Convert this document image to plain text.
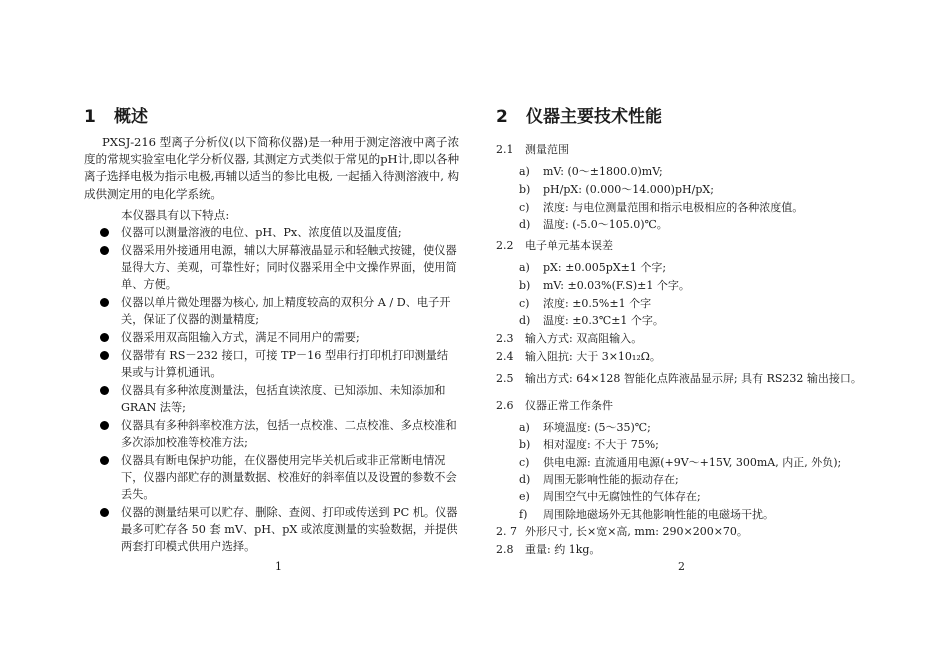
1 概述
PXSJ-216 型离子分析仪(以下简称仪器)是一种用于测定溶液中离子浓度的常规实验室电化学分析仪器, 其测定方式类似于常见的pH计,即以各种离子选择电极为指示电极,再辅以适当的参比电极, 一起插入待测溶液中, 构成供测定用的电化学系统。
本仪器具有以下特点:
仪器可以测量溶液的电位、pH、Px、浓度值以及温度值;
仪器采用外接通用电源，辅以大屏幕液晶显示和轻触式按键，使仪器显得大方、美观，可靠性好；同时仪器采用全中文操作界面，使用简单、方便。
仪器以单片微处理器为核心, 加上精度较高的双积分 A / D、电子开关，保证了仪器的测量精度;
仪器采用双高阻输入方式，满足不同用户的需要;
仪器带有 RS－232 接口，可接 TP－16 型串行打印机打印测量结果或与计算机通讯。
仪器具有多种浓度测量法，包括直读浓度、已知添加、未知添加和 GRAN 法等;
仪器具有多种斜率校准方法，包括一点校准、二点校准、多点校准和多次添加校准等校准方法;
仪器具有断电保护功能，在仪器使用完毕关机后或非正常断电情况下，仪器内部贮存的测量数据、校准好的斜率值以及设置的参数不会丢失。
仪器的测量结果可以贮存、删除、查阅、打印或传送到 PC 机。仪器最多可贮存各 50 套 mV、pH、pX 或浓度测量的实验数据，并提供两套打印模式供用户选择。
1
2 仪器主要技术性能
2.1 测量范围
a) mV: (0～±1800.0)mV;
b) pH/pX: (0.000～14.000)pH/pX;
c) 浓度: 与电位测量范围和指示电极相应的各种浓度值。
d) 温度: (-5.0～105.0)℃。
2.2 电子单元基本误差
a) pX: ±0.005pX±1 个字;
b) mV: ±0.03%(F.S)±1 个字。
c) 浓度: ±0.5%±1 个字
d) 温度: ±0.3℃±1 个字。
2.3 输入方式: 双高阻输入。
2.4 输入阻抗: 大于 3×10₁₂Ω。
2.5 输出方式: 64×128 智能化点阵液晶显示屏; 具有 RS232 输出接口。
2.6 仪器正常工作条件
a) 环境温度: (5～35)℃;
b) 相对湿度: 不大于 75%;
c) 供电电源: 直流通用电源(+9V～+15V, 300mA, 内正, 外负);
d) 周围无影响性能的振动存在;
e) 周围空气中无腐蚀性的气体存在;
f) 周围除地磁场外无其他影响性能的电磁场干扰。
2. 7 外形尺寸, 长×宽×高, mm: 290×200×70。
2.8 重量: 约 1kg。
2
